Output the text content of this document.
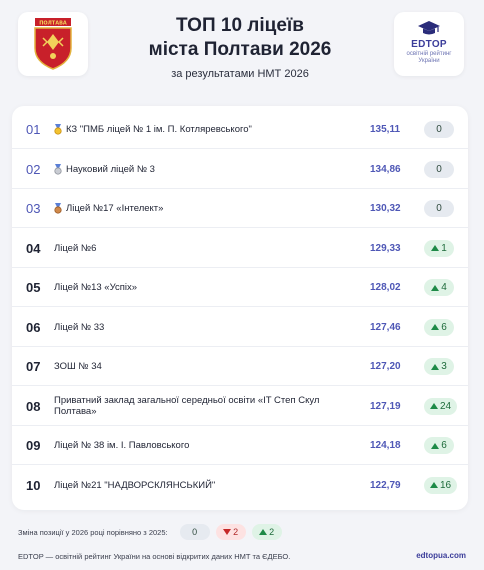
ПОЛТАВА	ТОП 10 ліцеїв
міста Полтави 2026
за результатами НМТ 2026
EDTOP
освітній рейтинг України
01	КЗ "ПМБ ліцей № 1 ім. П. Котляревського"	135,11	0
02	Науковий ліцей № 3	134,86	0
03	Ліцей №17 «Інтелект»	130,32	0
04 Ліцей №6	129,33	1
05 Ліцей №13 «Успіх»	128,02	4
06 Ліцей № 33	127,46	6
07 ЗОШ № 34	127,20	3
08 Приватний заклад загальної середньої освіти «IT Степ Скул Полтава»	127,19	24
09 Ліцей № 38 ім. І. Павловського	124,18	6
10 Ліцей №21 "НАДВОРСКЛЯНСЬКИЙ"	122,79	16
Зміна позиції у 2026 році порівняно з 2025:	0	2	2
EDTOP — освітній рейтинг України на основі відкритих даних НМТ та ЄДЕБО.	edtopua.com
